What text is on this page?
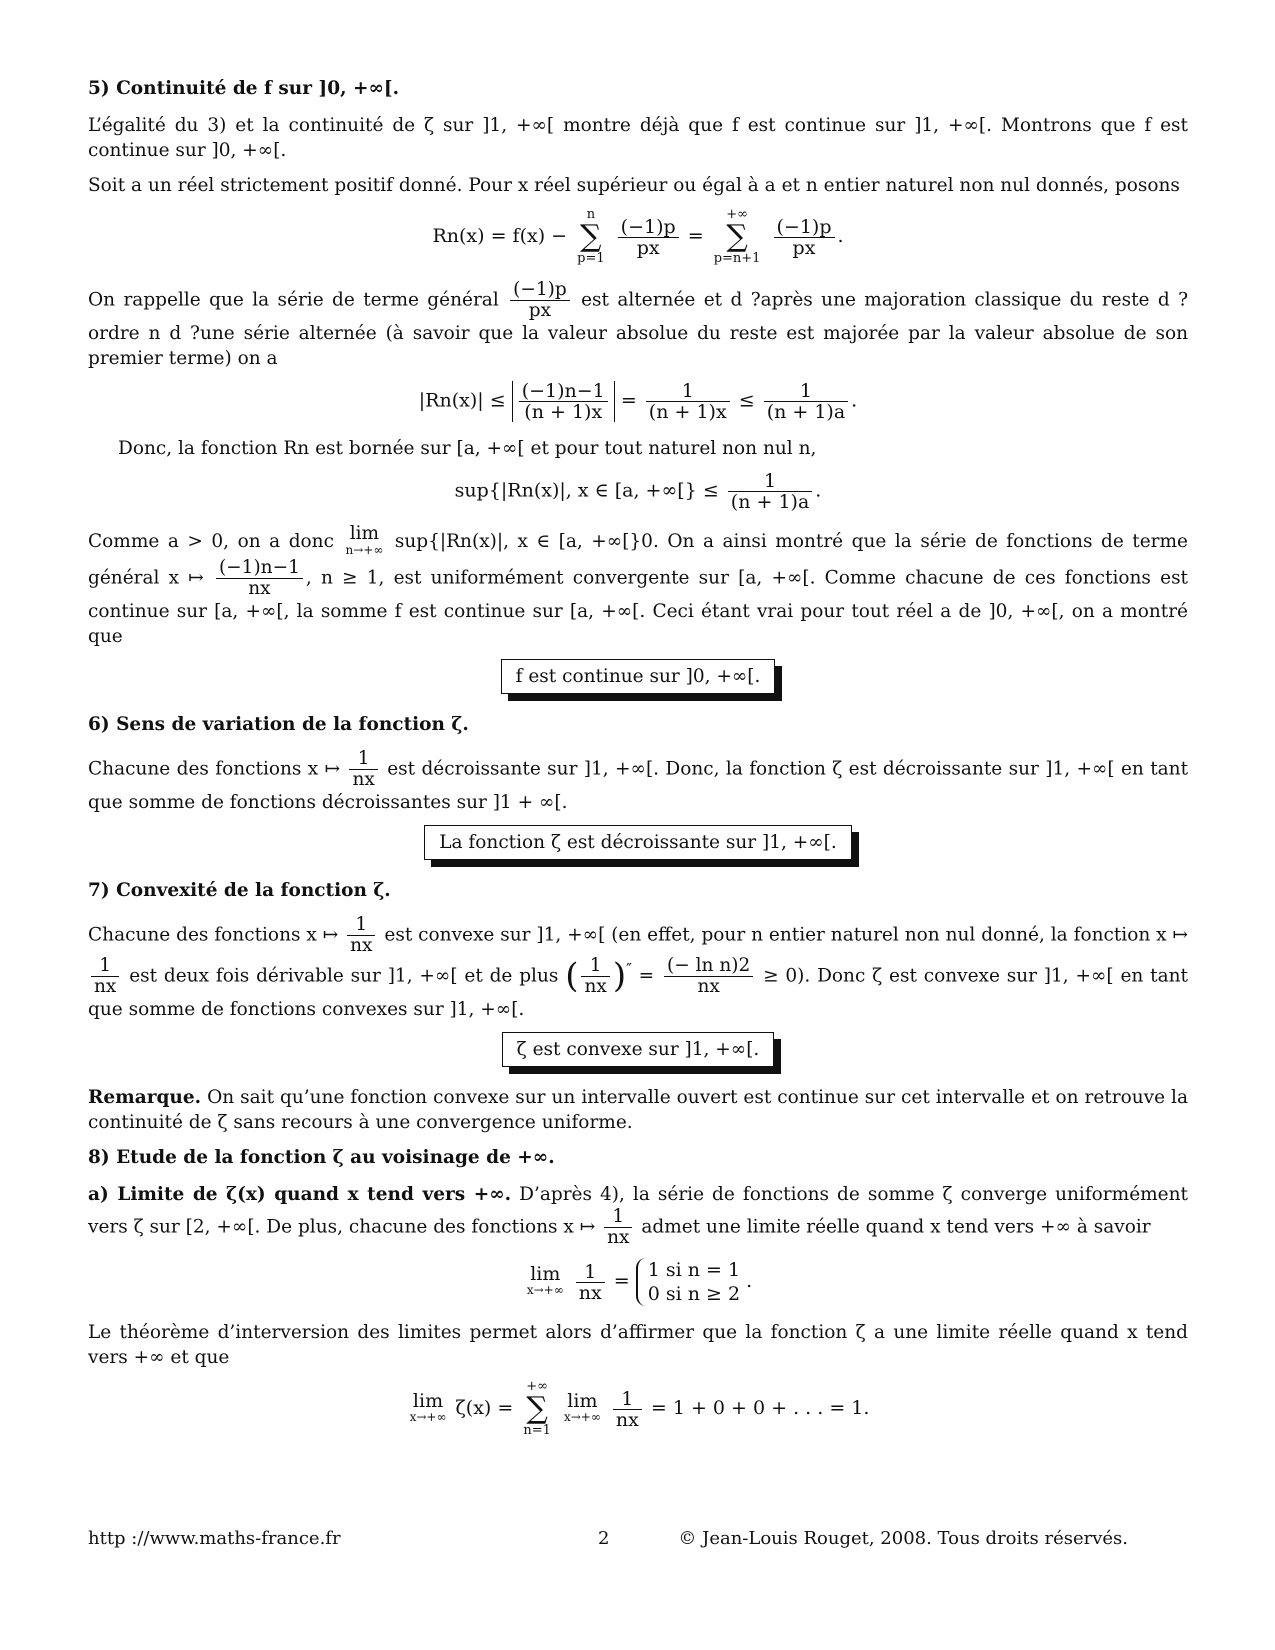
5) Continuité de f sur ]0, +∞[.

L’égalité du 3) et la continuité de ζ sur ]1, +∞[ montre déjà que f est continue sur ]1, +∞[. Montrons que f est continue sur ]0, +∞[.

Soit a un réel strictement positif donné. Pour x réel supérieur ou égal à a et n entier naturel non nul donnés, posons

Rn(x) = f(x) −
n
∑
p=1

$\frac{(-1)p}{px}$ =
+∞
∑
p=n+1

$\frac{(-1)p}{px}$ .

On rappelle que la série de terme général $\frac{(-1)p}{px}$ est alternée et d ?après une majoration classique du reste d ?ordre n d ?une série alternée (à savoir que la valeur absolue du reste est majorée par la valeur absolue de son premier terme) on a

$|Rn(x)| \le \frac{(-1)n-1}{(n + 1)x} = \frac{1}{(n + 1)x} \le \frac{1}{(n + 1)a}$ .

Donc, la fonction Rn est bornée sur [a, +∞[ et pour tout naturel non nul n,

sup{|Rn(x)|, x ∈ [a, +∞[} ≤ $\frac{1}{(n + 1)a}$ .

Comme a > 0, on a donc lim
n→+∞ sup{|Rn(x)|, x ∈ [a, +∞[}0. On a ainsi montré que la série de fonctions de terme général x ↦ $\frac{(-1)n-1}{nx}$ , n ≥ 1, est uniformément convergente sur [a, +∞[. Comme chacune de ces fonctions est continue sur [a, +∞[, la somme f est continue sur [a, +∞[. Ceci étant vrai pour tout réel a de ]0, +∞[, on a montré que

f est continue sur ]0, +∞[.
6) Sens de variation de la fonction ζ.

Chacune des fonctions x ↦ $\frac{1}{nx}$ est décroissante sur ]1, +∞[. Donc, la fonction ζ est décroissante sur ]1, +∞[ en tant que somme de fonctions décroissantes sur ]1 + ∞[.

La fonction ζ est décroissante sur ]1, +∞[.
7) Convexité de la fonction ζ.

Chacune des fonctions x ↦ $\frac{1}{nx}$ est convexe sur ]1, +∞[ (en effet, pour n entier naturel non nul donné, la fonction x ↦
$\frac{1}{nx}$ est deux fois dérivable sur ]1, +∞[ et de plus ( $\frac{1}{nx} )'' = \frac{\text{(− ln n)2}}{nx} \ge 0$). Donc ζ est convexe sur ]1, +∞[ en tant que somme de fonctions convexes sur ]1, +∞[.

ζ est convexe sur ]1, +∞[.

Remarque. On sait qu’une fonction convexe sur un intervalle ouvert est continue sur cet intervalle et on retrouve la continuité de ζ sans recours à une convergence uniforme.

8) Etude de la fonction ζ au voisinage de +∞.

a) Limite de ζ(x) quand x tend vers +∞. D’après 4), la série de fonctions de somme ζ converge uniformément vers ζ sur [2, +∞[. De plus, chacune des fonctions x ↦ $\frac{1}{nx}$ admet une limite réelle quand x tend vers +∞ à savoir

lim
x→+∞
$\frac{1}{nx} = 1$ si n = 1
0 si n ≥ 2
.

Le théorème d’interversion des limites permet alors d’affirmer que la fonction ζ a une limite réelle quand x tend vers +∞ et que

lim
x→+∞ ζ(x) =
+∞
∑
n=1

lim
x→+∞
$\frac{1}{nx} = 1 + 0 + 0$ + . . . = 1.
http ://www.maths-france.fr	2	© Jean-Louis Rouget, 2008. Tous droits réservés.
